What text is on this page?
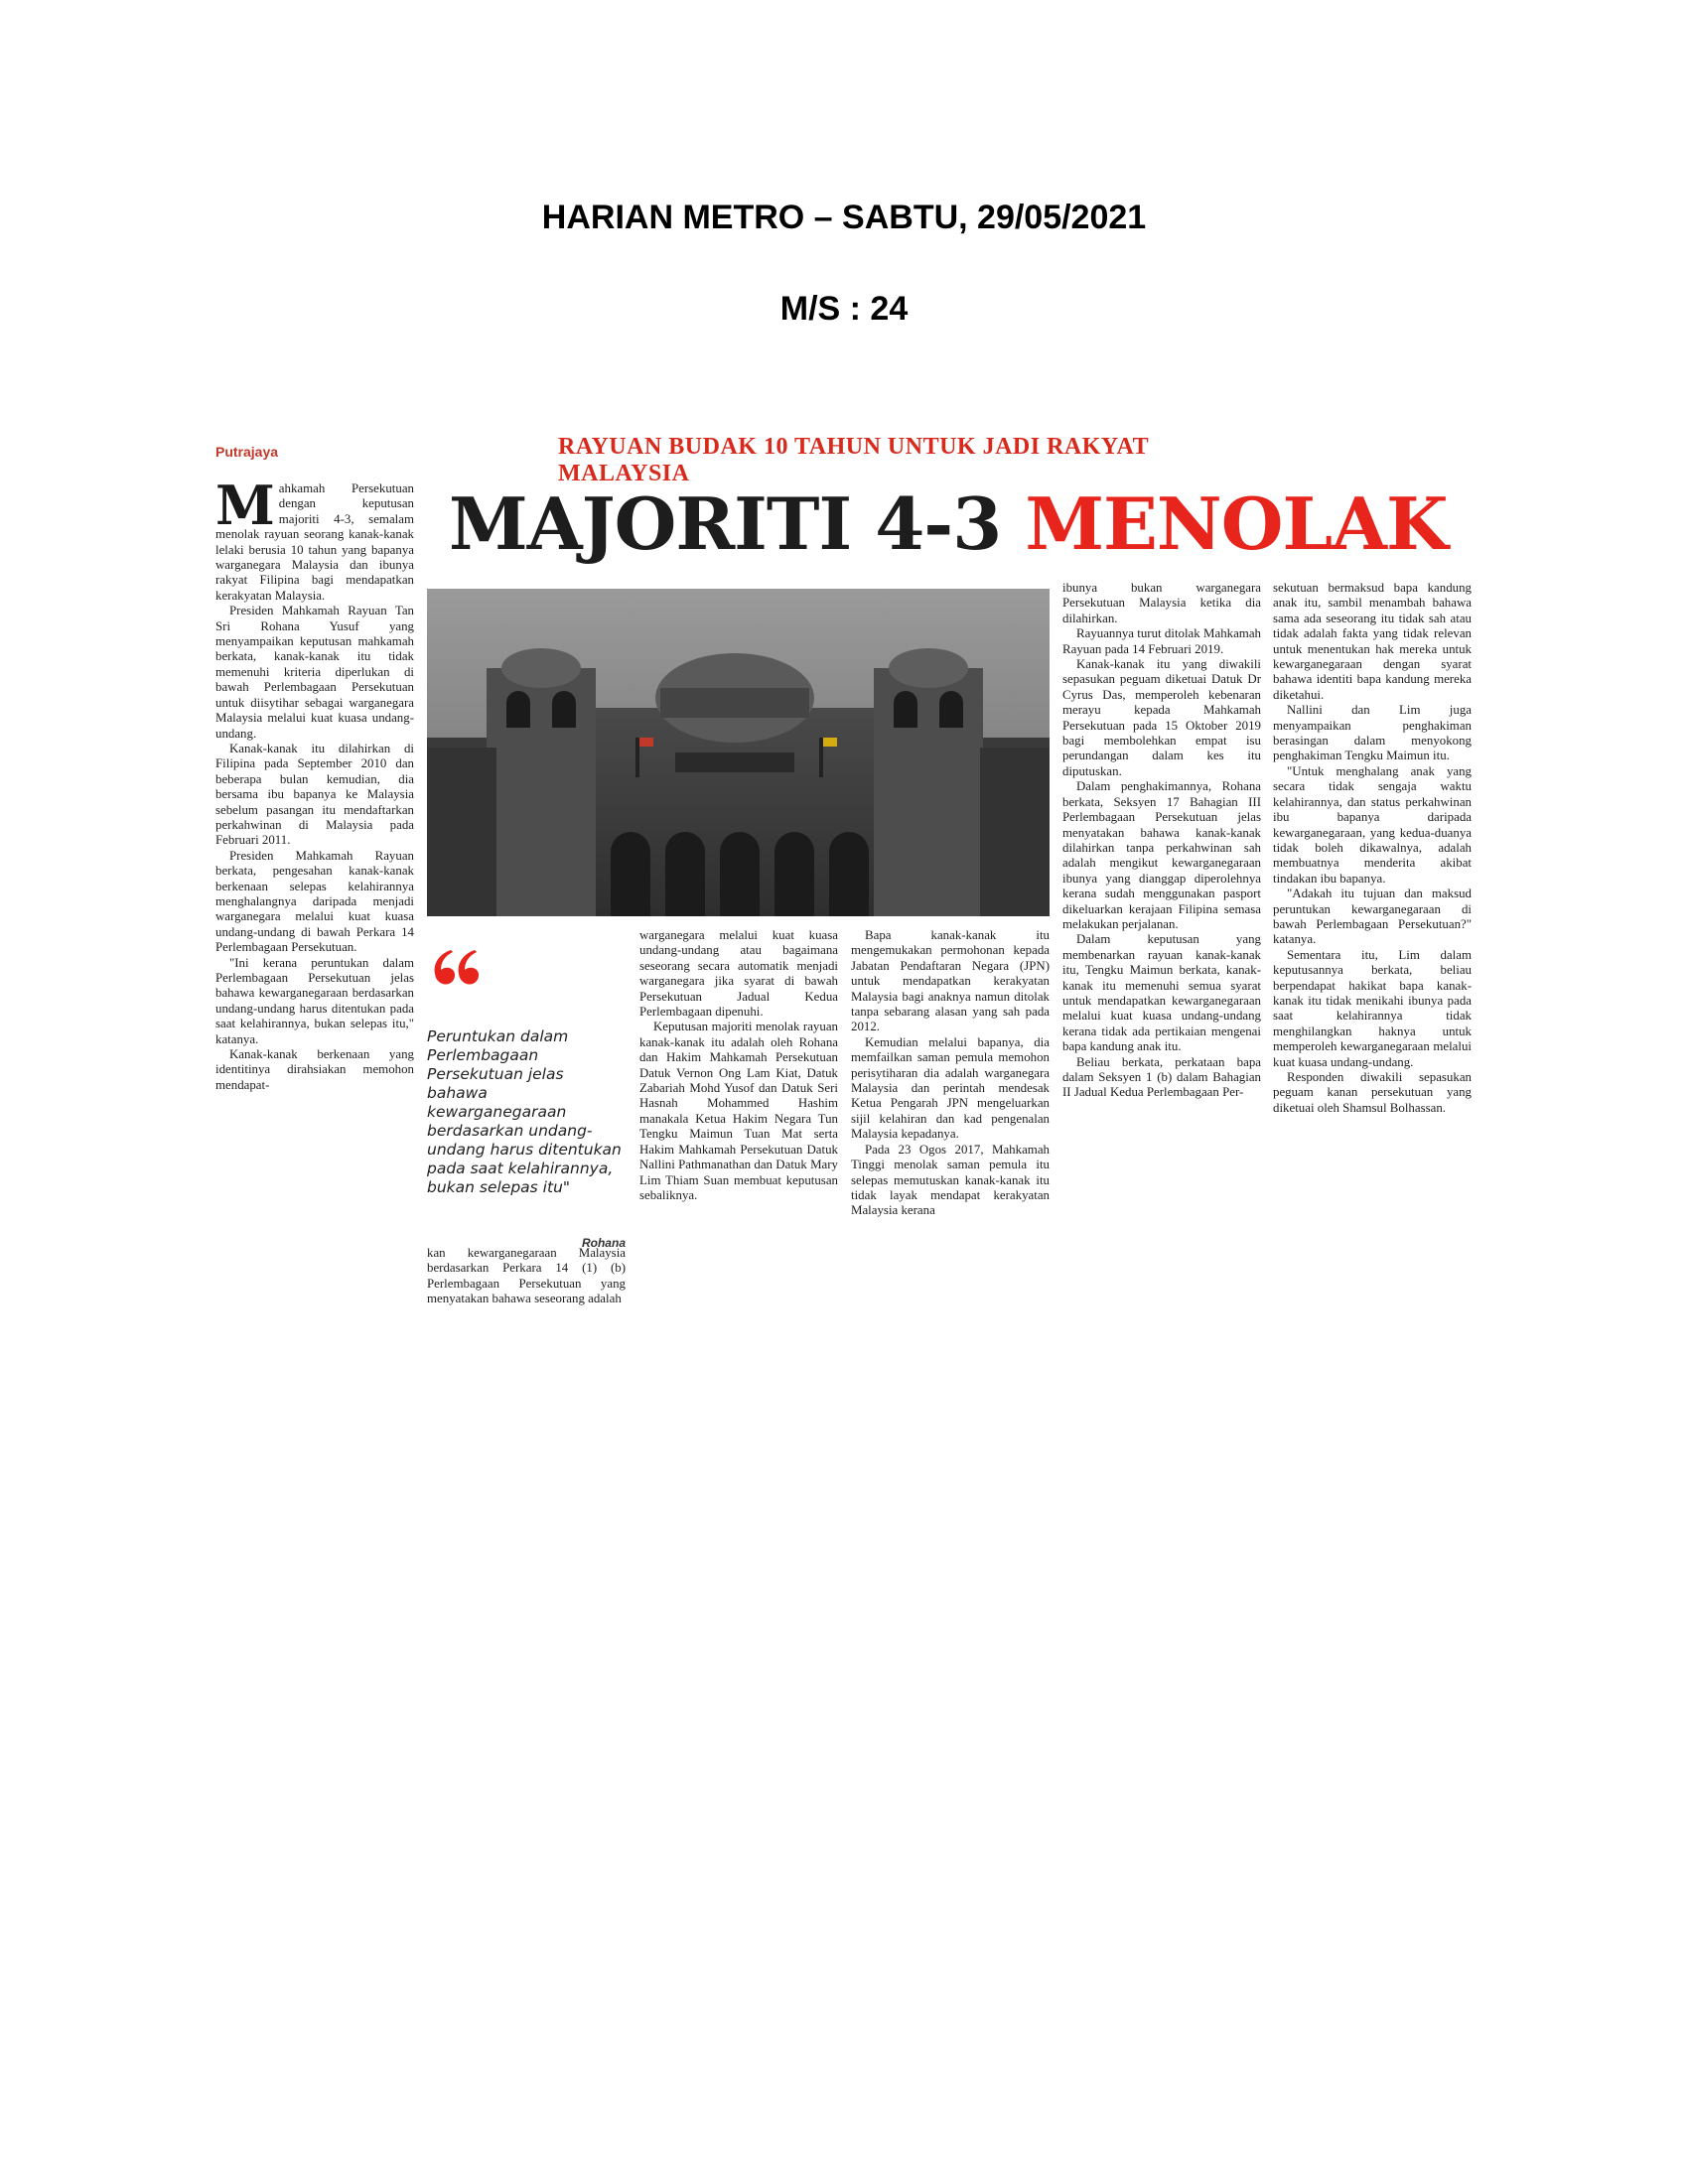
HARIAN METRO – SABTU, 29/05/2021
M/S : 24
Putrajaya	RAYUAN BUDAK 10 TAHUN UNTUK JADI RAKYAT MALAYSIA
MAJORITI 4-3 MENOLAK

Mahkamah Persekutuan dengan keputusan majoriti 4-3, semalam menolak rayuan seorang kanak-kanak lelaki berusia 10 tahun yang bapanya warganegara Malaysia dan ibunya rakyat Filipina bagi mendapatkan kerakyatan Malaysia.

Presiden Mahkamah Rayuan Tan Sri Rohana Yusuf yang menyampaikan keputusan mahkamah berkata, kanak-kanak itu tidak memenuhi kriteria diperlukan di bawah Perlembagaan Persekutuan untuk diisytihar sebagai warganegara Malaysia melalui kuat kuasa undang-undang.

Kanak-kanak itu dilahirkan di Filipina pada September 2010 dan beberapa bulan kemudian, dia bersama ibu bapanya ke Malaysia sebelum pasangan itu mendaftarkan perkahwinan di Malaysia pada Februari 2011.

Presiden Mahkamah Rayuan berkata, pengesahan kanak-kanak berkenaan selepas kelahirannya menghalangnya daripada menjadi warganegara melalui kuat kuasa undang-undang di bawah Perkara 14 Perlembagaan Persekutuan.

"Ini kerana peruntukan dalam Perlembagaan Persekutuan jelas bahawa kewarganegaraan berdasarkan undang-undang harus ditentukan pada saat kelahirannya, bukan selepas itu," katanya.

Kanak-kanak berkenaan yang identitinya dirahsiakan memohon mendapat-

Peruntukan dalam Perlembagaan Persekutuan jelas bahawa kewarganegaraan berdasarkan undang-undang harus ditentukan pada saat kelahirannya, bukan selepas itu"
Rohana

kan kewarganegaraan Malaysia berdasarkan Perkara 14 (1) (b) Perlembagaan Persekutuan yang menyatakan bahawa seseorang adalah

warganegara melalui kuat kuasa undang-undang atau bagaimana seseorang secara automatik menjadi warganegara jika syarat di bawah Persekutuan Jadual Kedua Perlembagaan dipenuhi.

Keputusan majoriti menolak rayuan kanak-kanak itu adalah oleh Rohana dan Hakim Mahkamah Persekutuan Datuk Vernon Ong Lam Kiat, Datuk Zabariah Mohd Yusof dan Datuk Seri Hasnah Mohammed Hashim manakala Ketua Hakim Negara Tun Tengku Maimun Tuan Mat serta Hakim Mahkamah Persekutuan Datuk Nallini Pathmanathan dan Datuk Mary Lim Thiam Suan membuat keputusan sebaliknya.

Bapa kanak-kanak itu mengemukakan permohonan kepada Jabatan Pendaftaran Negara (JPN) untuk mendapatkan kerakyatan Malaysia bagi anaknya namun ditolak tanpa sebarang alasan yang sah pada 2012.

Kemudian melalui bapanya, dia memfailkan saman pemula memohon perisytiharan dia adalah warganegara Malaysia dan perintah mendesak Ketua Pengarah JPN mengeluarkan sijil kelahiran dan kad pengenalan Malaysia kepadanya.

Pada 23 Ogos 2017, Mahkamah Tinggi menolak saman pemula itu selepas memutuskan kanak-kanak itu tidak layak mendapat kerakyatan Malaysia kerana

ibunya bukan warganegara Persekutuan Malaysia ketika dia dilahirkan.

Rayuannya turut ditolak Mahkamah Rayuan pada 14 Februari 2019.

Kanak-kanak itu yang diwakili sepasukan peguam diketuai Datuk Dr Cyrus Das, memperoleh kebenaran merayu kepada Mahkamah Persekutuan pada 15 Oktober 2019 bagi membolehkan empat isu perundangan dalam kes itu diputuskan.

Dalam penghakimannya, Rohana berkata, Seksyen 17 Bahagian III Perlembagaan Persekutuan jelas menyatakan bahawa kanak-kanak dilahirkan tanpa perkahwinan sah adalah mengikut kewarganegaraan ibunya yang dianggap diperolehnya kerana sudah menggunakan pasport dikeluarkan kerajaan Filipina semasa melakukan perjalanan.

Dalam keputusan yang membenarkan rayuan kanak-kanak itu, Tengku Maimun berkata, kanak-kanak itu memenuhi semua syarat untuk mendapatkan kewarganegaraan melalui kuat kuasa undang-undang kerana tidak ada pertikaian mengenai bapa kandung anak itu.

Beliau berkata, perkataan bapa dalam Seksyen 1 (b) dalam Bahagian II Jadual Kedua Perlembagaan Per-

sekutuan bermaksud bapa kandung anak itu, sambil menambah bahawa sama ada seseorang itu tidak sah atau tidak adalah fakta yang tidak relevan untuk menentukan hak mereka untuk kewarganegaraan dengan syarat bahawa identiti bapa kandung mereka diketahui.

Nallini dan Lim juga menyampaikan penghakiman berasingan dalam menyokong penghakiman Tengku Maimun itu.

"Untuk menghalang anak yang secara tidak sengaja waktu kelahirannya, dan status perkahwinan ibu bapanya daripada kewarganegaraan, yang kedua-duanya tidak boleh dikawalnya, adalah membuatnya menderita akibat tindakan ibu bapanya.

"Adakah itu tujuan dan maksud peruntukan kewarganegaraan di bawah Perlembagaan Persekutuan?" katanya.

Sementara itu, Lim dalam keputusannya berkata, beliau berpendapat hakikat bapa kanak-kanak itu tidak menikahi ibunya pada saat kelahirannya tidak menghilangkan haknya untuk memperoleh kewarganegaraan melalui kuat kuasa undang-undang.

Responden diwakili sepasukan peguam kanan persekutuan yang diketuai oleh Shamsul Bolhassan.
